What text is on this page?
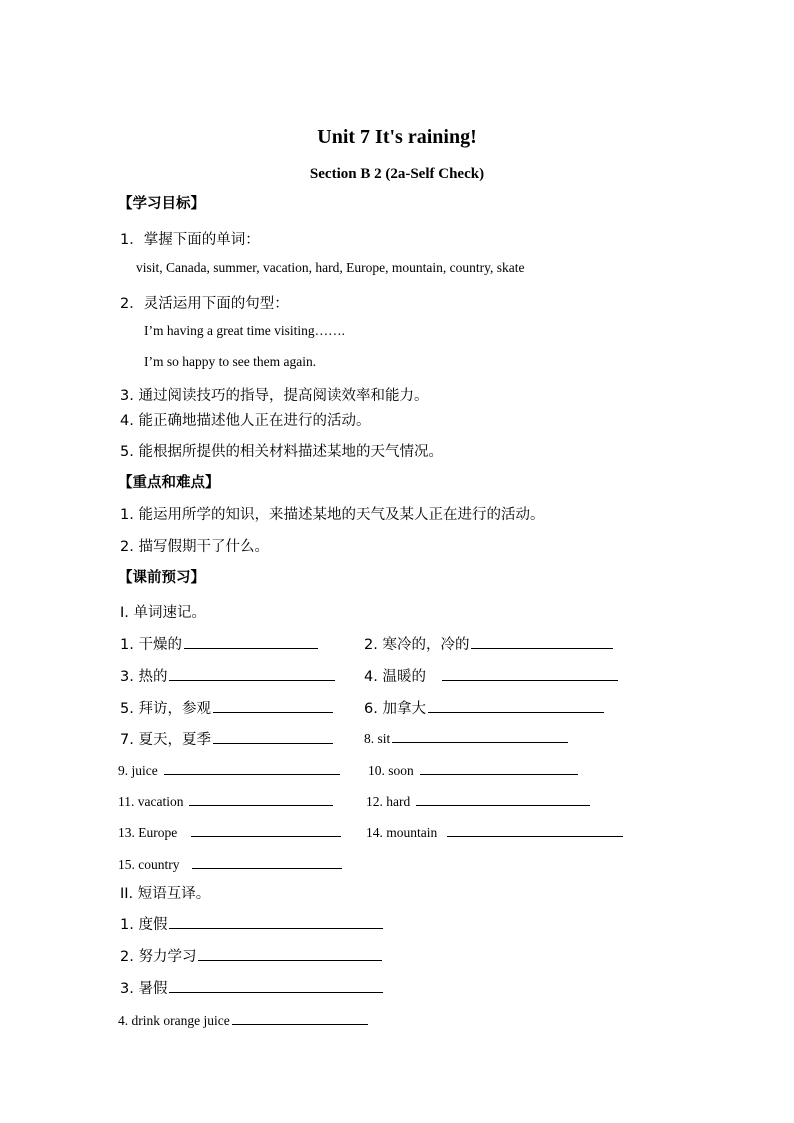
Unit 7 It's raining!
Section B 2 (2a-Self Check)
【学习目标】
1．掌握下面的单词：
visit, Canada, summer, vacation, hard, Europe, mountain, country, skate
2．灵活运用下面的句型：
I’m having a great time visiting…….
I’m so happy to see them again.
3. 通过阅读技巧的指导，提高阅读效率和能力。
4. 能正确地描述他人正在进行的活动。
5. 能根据所提供的相关材料描述某地的天气情况。
【重点和难点】
1. 能运用所学的知识，来描述某地的天气及某人正在进行的活动。
2. 描写假期干了什么。
【课前预习】
I. 单词速记。
1. 干燥的	2. 寒冷的，冷的
3. 热的	4. 温暖的
5. 拜访，参观	6. 加拿大
7. 夏天，夏季	8. sit
9. juice	10. soon
11. vacation	12. hard
13. Europe	14. mountain
15. country
II. 短语互译。
1. 度假
2. 努力学习
3. 暑假
4. drink orange juice
